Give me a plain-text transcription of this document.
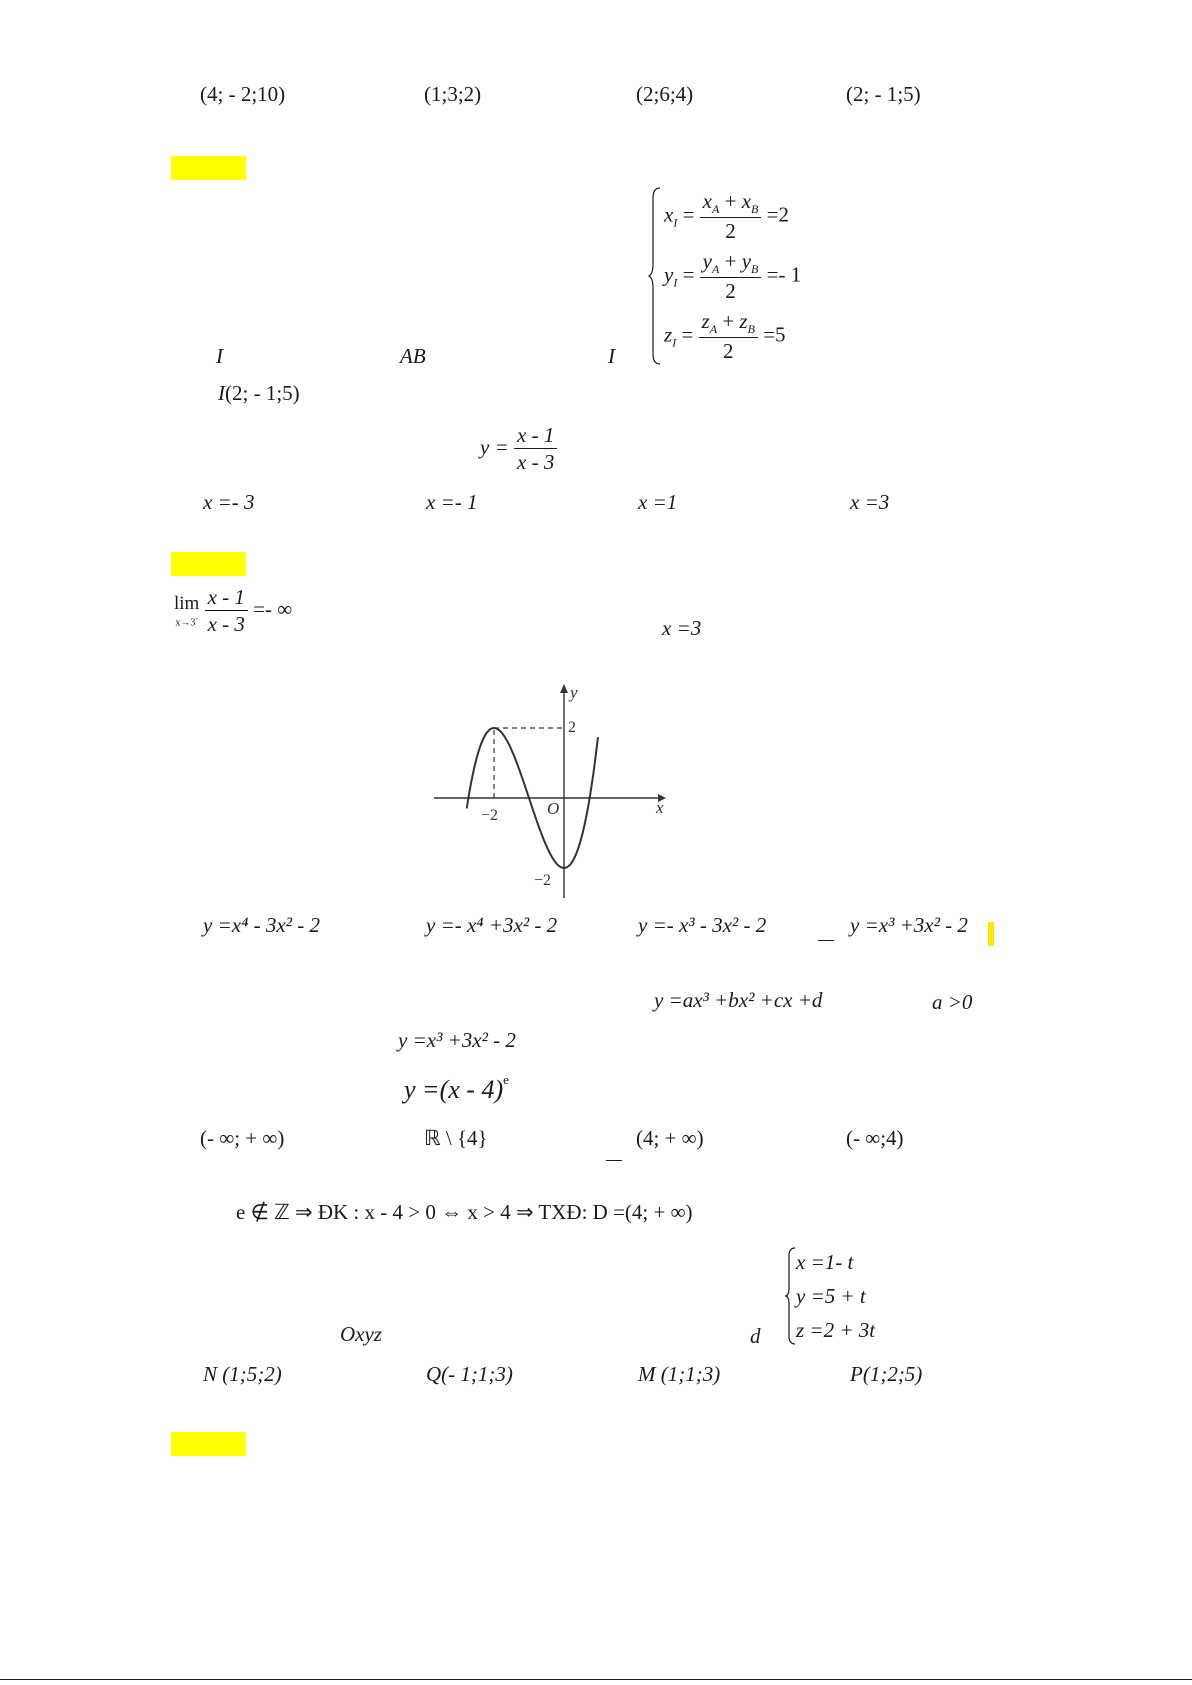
(4; - 2;10)	(1;3;2)	(2;6;4)	(2; - 1;5)
$x_I = \frac{x_A + x_B}{2} =2$
$y_I = \frac{y_A + y_B}{2} =- 1$
$z_I = \frac{z_A + z_B}{2} =5$
I	AB	I
I(2; - 1;5)
$y = \frac{x - 1}{x - 3}$
x =- 3	x =- 1	x =1	x =3
lim
x→3-
$\frac{x - 1}{x - 3}$ =- ∞
x =3
y
x
O
−2
2
−2
y =x⁴ - 3x² - 2	y =- x⁴ +3x² - 2	y =- x³ - 3x² - 2	y =x³ +3x² - 2
y =ax³ +bx² +cx +d	a >0
y =x³ +3x² - 2
y =(x - 4)$^e$
(- ∞; + ∞)	ℝ \ {4}	(4; + ∞)	(- ∞;4)
e ∉ ℤ ⇒ ĐK : x - 4 > 0 ⇔ x > 4 ⇒ TXĐ: D =(4; + ∞)
x =1- t
y =5 + t
z =2 + 3t
Oxyz	d
N (1;5;2)	Q(- 1;1;3)	M (1;1;3)	P(1;2;5)
